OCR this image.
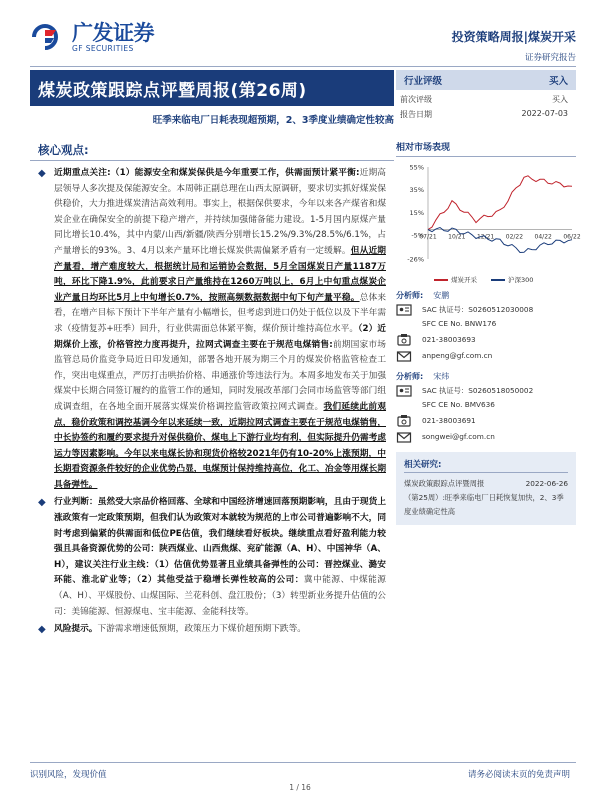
广发证券
GF SECURITIES
投资策略周报|煤炭开采
证券研究报告
煤炭政策跟踪点评暨周报(第26周)
旺季来临电厂日耗表现超预期，2、3季度业绩确定性较高
行业评级	买入
前次评级	买入
报告日期	2022-07-03
核心观点:
◆ 近期重点关注:（1）能源安全和煤炭保供是今年重要工作，供需面预计紧平衡:近期高层领导人多次提及保能源安全。本周韩正副总理在山西太原调研，要求切实抓好煤炭保供稳价，大力推进煤炭清洁高效利用。事实上，根据保供要求，今年以来各产煤省和煤炭企业在确保安全的前提下稳产增产，并持续加强储备能力建设。1-5月国内原煤产量同比增长10.4%，其中内蒙/山西/新疆/陕西分别增长15.2%/9.3%/28.5%/6.1%，占产量增长的93%。3、4月以来产量环比增长煤炭供需偏紧矛盾有一定缓解。但从近期产量看，增产难度较大，根据统计局和运销协会数据，5月全国煤炭日产量1187万吨，环比下降1.9%，此前要求日产量维持在1260万吨以上，6月上中旬重点煤炭企业产量日均环比5月上中旬增长0.7%，按照高频数据数据中旬下旬产量平稳。总体来看，在增产目标下预计下半年产量有小幅增长，但考虑到进口仍处于低位以及下半年需求（疫情复苏+旺季）回升，行业供需面总体紧平衡，煤价预计维持高位水平。（2）近期煤价上涨，价格管控力度再提升，拉网式调查主要在于规范电煤销售:前期国家市场监管总局价监竞争局近日印发通知，部署各地开展为期三个月的煤炭价格监管检查工作，突出电煤重点，严厉打击哄抬价格、串通涨价等违法行为。本周多地发布关于加强煤炭中长期合同签订履约的监管工作的通知，同时发展改革部门会同市场监管等部门组成调查组，在各地全面开展落实煤炭价格调控监管政策拉网式调查。我们延续此前观点，稳价政策和调控基调今年以来延续一致，近期拉网式调查主要在于规范电煤销售，中长协签约和履约要求提升对保供稳价、煤电上下游行业均有利，但实际提升仍需考虑运力等因素影响。今年以来电煤长协和现货价格较2021年仍有10-20%上涨预期，中长期看资源条件较好的企业优势凸显，电煤预计保持维持高位，化工、冶金等用煤长期具备弹性。
◆ 行业判断：虽然受大宗品价格回落、全球和中国经济增速回落预期影响，且由于现货上涨政策有一定政策预期，但我们认为政策对本就较为规范的上市公司普遍影响不大，同时考虑到偏紧的供需面和低位PE估值，我们继续看好板块。继续重点看好盈利能力较强且具备资源优势的公司：陕西煤业、山西焦煤、兖矿能源（A、H）、中国神华（A、H），建议关注行业主线：（1）估值优势显著且业绩具备弹性的公司：晋控煤业、潞安环能、淮北矿业等；（2）其他受益于稳增长弹性较高的公司：冀中能源、中煤能源（A、H）、平煤股份、山煤国际、兰花科创、盘江股份；（3）转型新业务提升估值的公司：美锦能源、恒源煤电、宝丰能源、金能科技等。
◆ 风险提示。下游需求增速低预期，政策压力下煤价超预期下跌等。
相对市场表现
55%
35%
15%
-5%
-26%
07/21 10/21 12/21 02/22 04/22 06/22
煤炭开采	沪深300
分析师: 安鹏
SAC 执证号：S0260512030008
SFC CE No. BNW176
021-38003693
anpeng@gf.com.cn
分析师: 宋炜
SAC 执证号：S0260518050002
SFC CE No. BMV636
021-38003691
songwei@gf.com.cn
相关研究:
煤炭政策跟踪点评暨周报	2022-06-26
（第25周）:旺季来临电厂日耗恢复加快，2、3季度业绩确定性高
识别风险，发现价值	请务必阅读末页的免责声明
1 / 16
